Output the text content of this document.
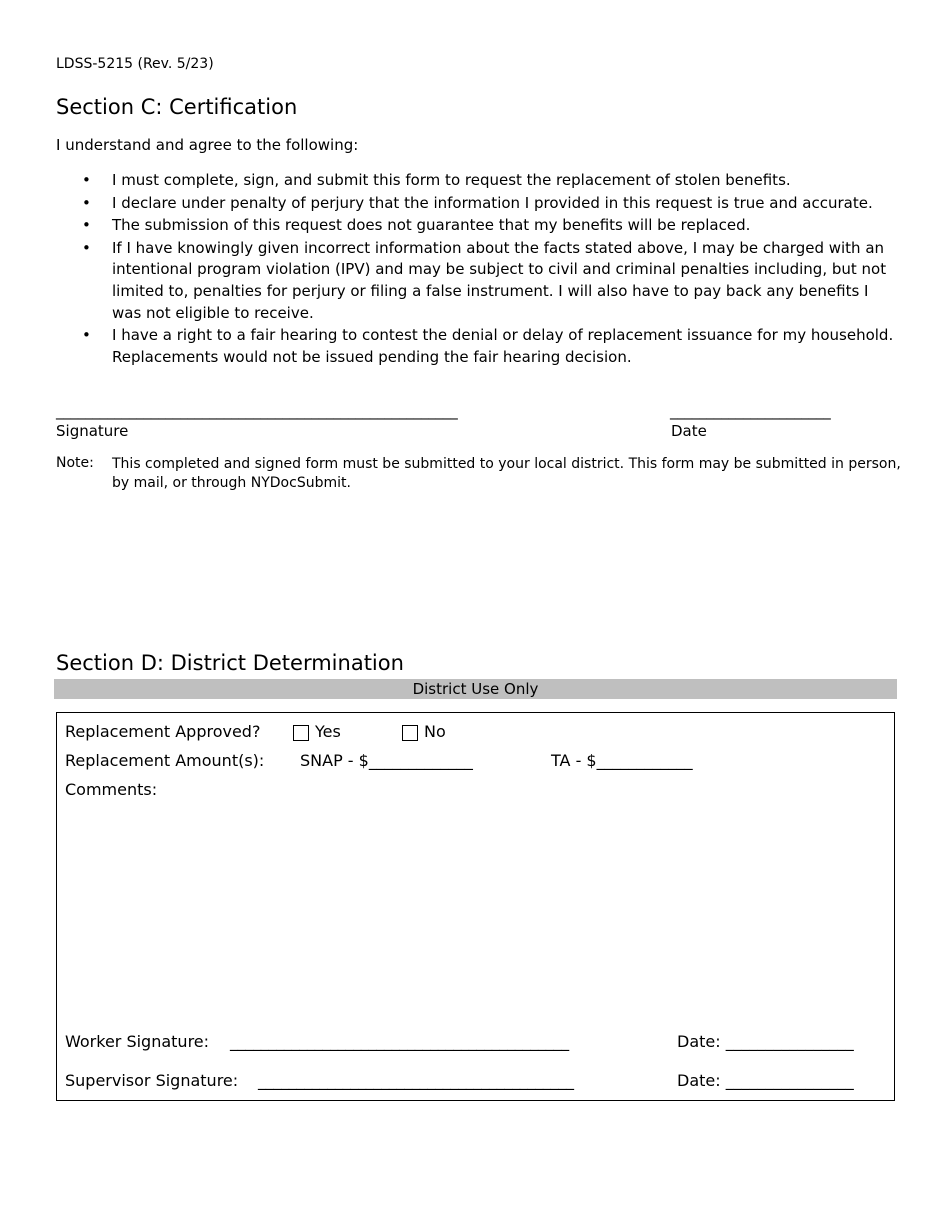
LDSS-5215 (Rev. 5/23)
Section C: Certification
I understand and agree to the following:
• I must complete, sign, and submit this form to request the replacement of stolen benefits.
• I declare under penalty of perjury that the information I provided in this request is true and accurate.
• The submission of this request does not guarantee that my benefits will be replaced.
• If I have knowingly given incorrect information about the facts stated above, I may be charged with an intentional program violation (IPV) and may be subject to civil and criminal penalties including, but not limited to, penalties for perjury or filing a false instrument. I will also have to pay back any benefits I was not eligible to receive.
• I have a right to a fair hearing to contest the denial or delay of replacement issuance for my household. Replacements would not be issued pending the fair hearing decision.
_______________________________________________________
Signature
______________________
Date
Note: This completed and signed form must be submitted to your local district. This form may be submitted in person, by mail, or through NYDocSubmit.
Section D: District Determination
District Use Only
Replacement Approved?	Yes	No
Replacement Amount(s): SNAP - $_____________	TA - $____________
Comments:
Worker Signature: ____________________________________________	Date: ________________
Supervisor Signature: _________________________________________	Date: ________________
